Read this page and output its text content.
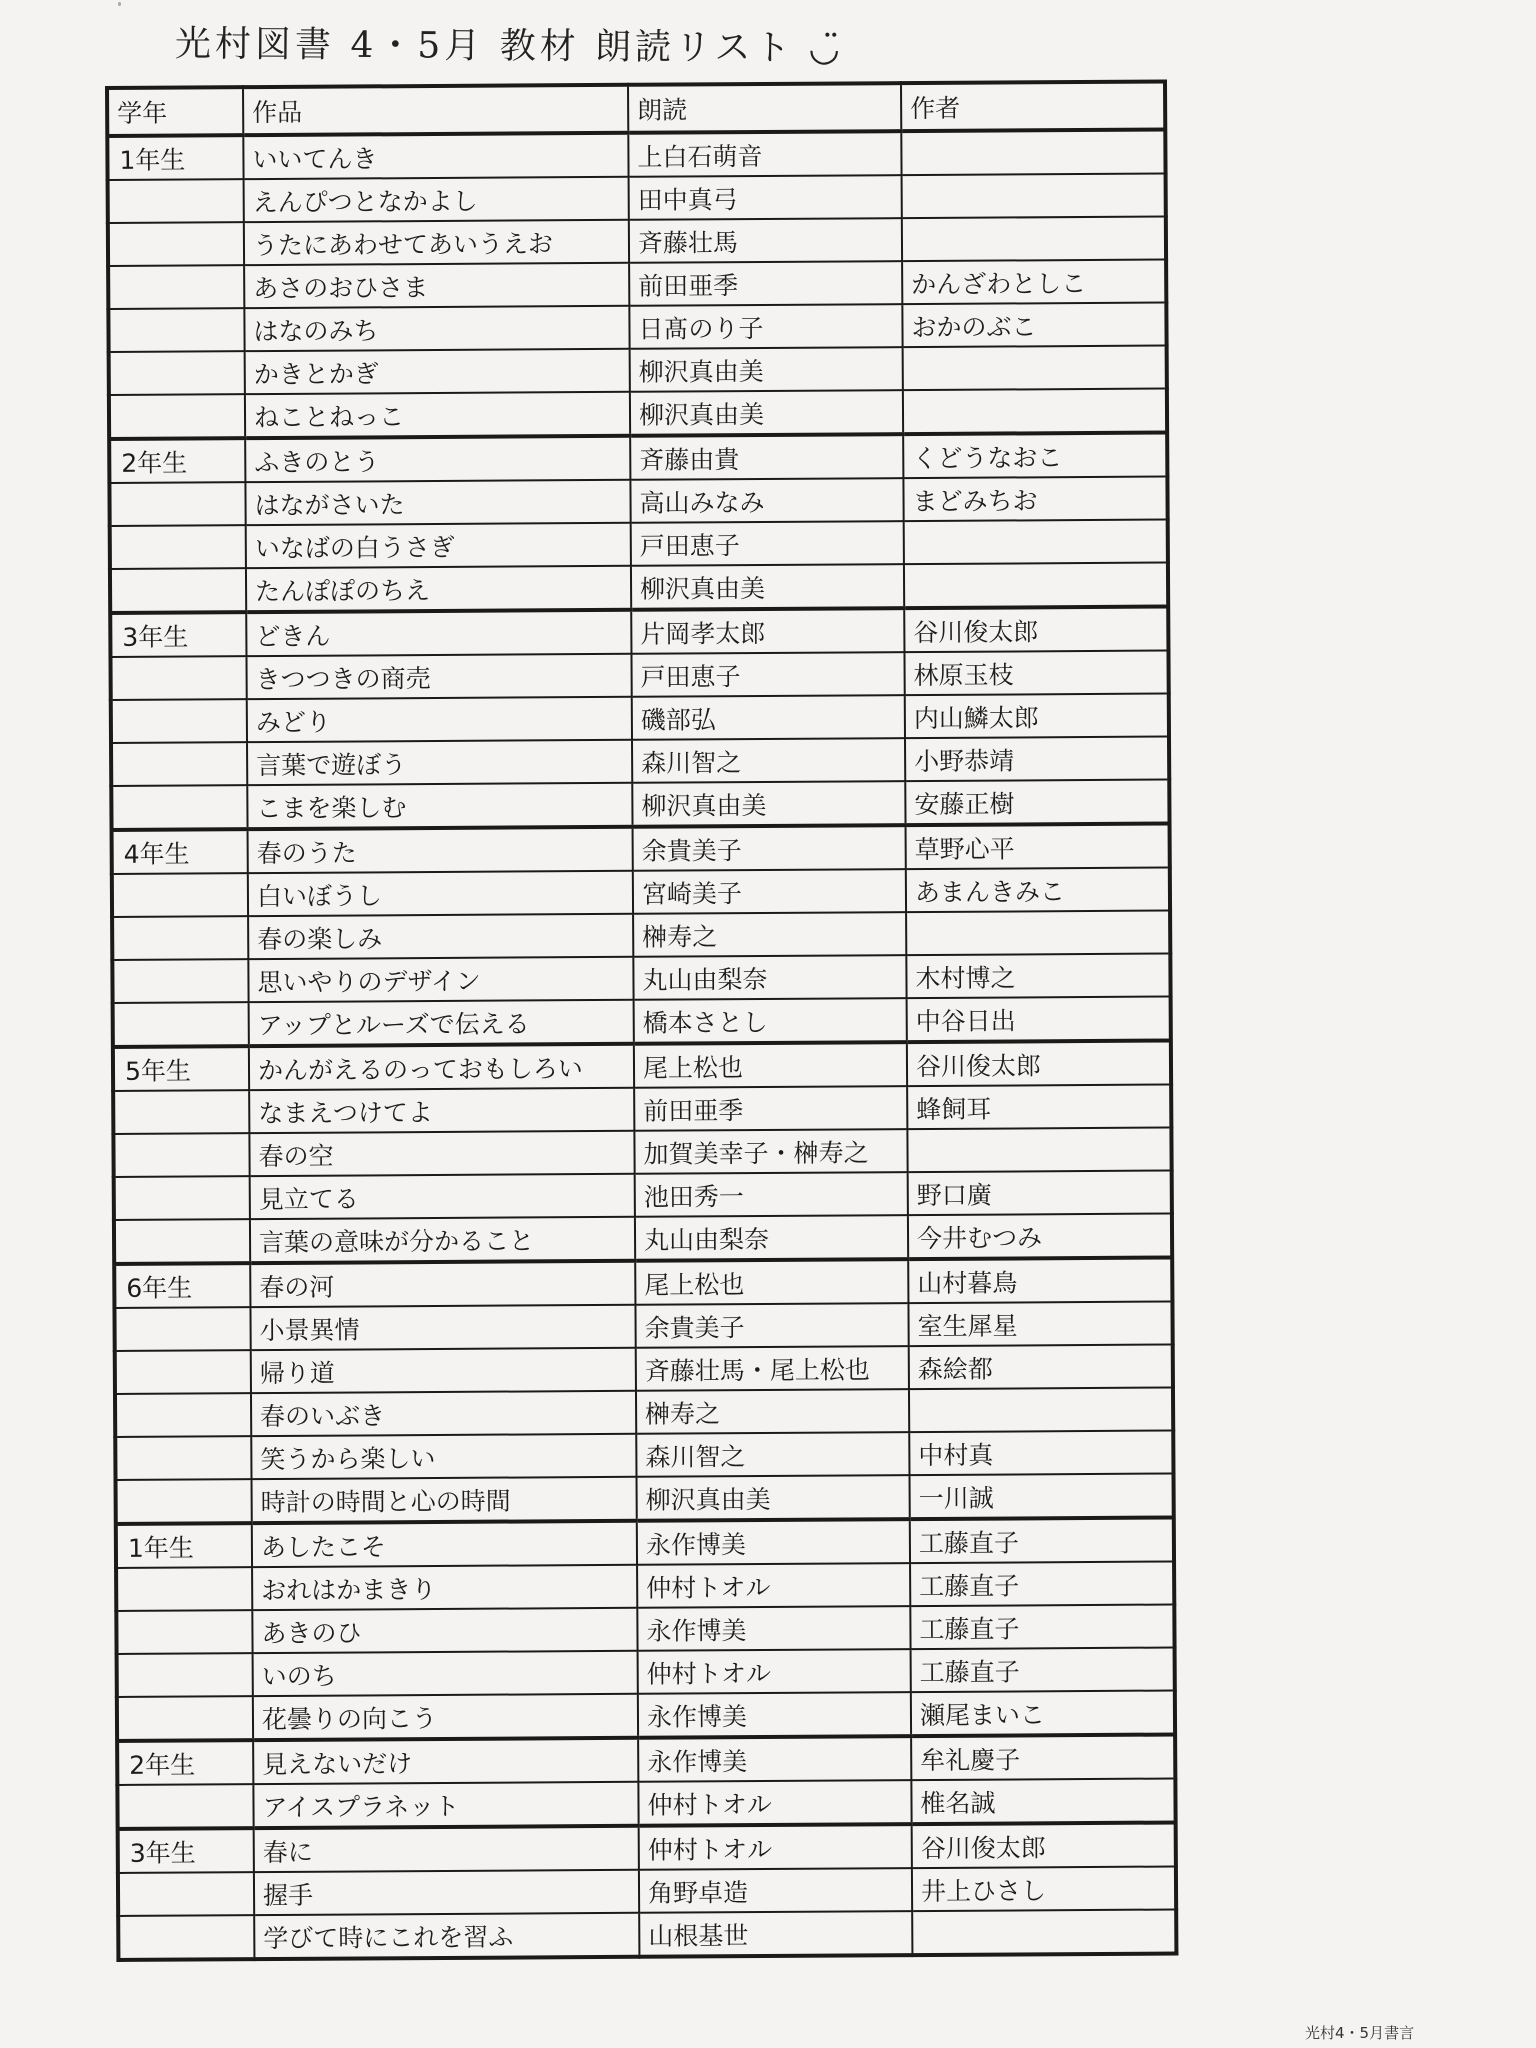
光村図書 4・5月 教材 朗読リスト ◡̈
学年	作品	朗読	作者
1年生	いいてんき	上白石萌音	
	えんぴつとなかよし	田中真弓	
	うたにあわせてあいうえお	斉藤壮馬	
	あさのおひさま	前田亜季	かんざわとしこ
	はなのみち	日髙のり子	おかのぶこ
	かきとかぎ	柳沢真由美	
	ねことねっこ	柳沢真由美	
2年生	ふきのとう	斉藤由貴	くどうなおこ
	はながさいた	高山みなみ	まどみちお
	いなばの白うさぎ	戸田恵子	
	たんぽぽのちえ	柳沢真由美	
3年生	どきん	片岡孝太郎	谷川俊太郎
	きつつきの商売	戸田恵子	林原玉枝
	みどり	磯部弘	内山鱗太郎
	言葉で遊ぼう	森川智之	小野恭靖
	こまを楽しむ	柳沢真由美	安藤正樹
4年生	春のうた	余貴美子	草野心平
	白いぼうし	宮崎美子	あまんきみこ
	春の楽しみ	榊寿之	
	思いやりのデザイン	丸山由梨奈	木村博之
	アップとルーズで伝える	橋本さとし	中谷日出
5年生	かんがえるのっておもしろい	尾上松也	谷川俊太郎
	なまえつけてよ	前田亜季	蜂飼耳
	春の空	加賀美幸子・榊寿之	
	見立てる	池田秀一	野口廣
	言葉の意味が分かること	丸山由梨奈	今井むつみ
6年生	春の河	尾上松也	山村暮鳥
	小景異情	余貴美子	室生犀星
	帰り道	斉藤壮馬・尾上松也	森絵都
	春のいぶき	榊寿之	
	笑うから楽しい	森川智之	中村真
	時計の時間と心の時間	柳沢真由美	一川誠
1年生	あしたこそ	永作博美	工藤直子
	おれはかまきり	仲村トオル	工藤直子
	あきのひ	永作博美	工藤直子
	いのち	仲村トオル	工藤直子
	花曇りの向こう	永作博美	瀬尾まいこ
2年生	見えないだけ	永作博美	牟礼慶子
	アイスプラネット	仲村トオル	椎名誠
3年生	春に	仲村トオル	谷川俊太郎
	握手	角野卓造	井上ひさし
	学びて時にこれを習ふ	山根基世	
光村4・5月書言
